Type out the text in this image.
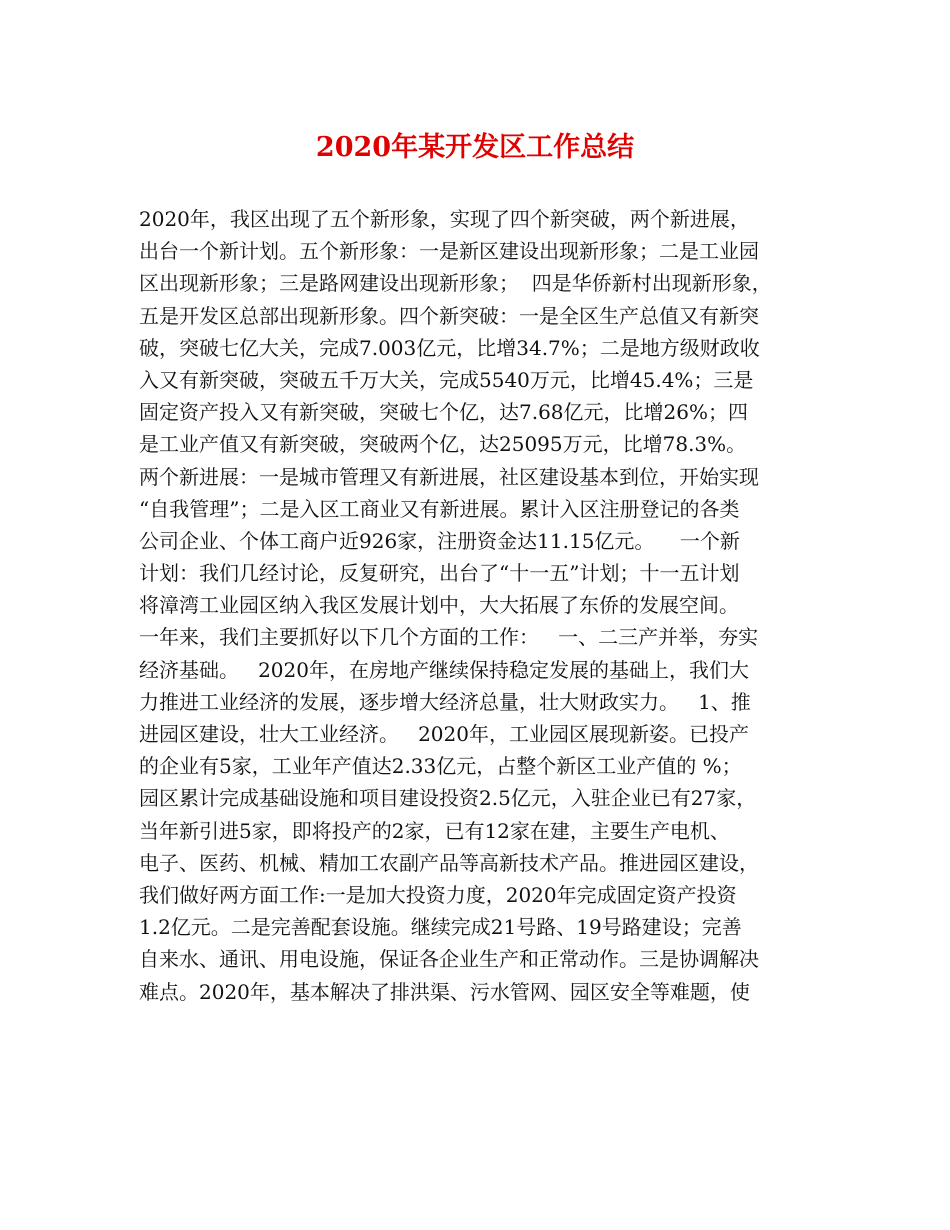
2020年某开发区工作总结
2020年，我区出现了五个新形象，实现了四个新突破，两个新进展，
出台一个新计划。五个新形象：一是新区建设出现新形象；二是工业园
区出现新形象；三是路网建设出现新形象；  四是华侨新村出现新形象，
五是开发区总部出现新形象。四个新突破：一是全区生产总值又有新突
破，突破七亿大关，完成7.003亿元，比增34.7%；二是地方级财政收
入又有新突破，突破五千万大关，完成5540万元，比增45.4%；三是
固定资产投入又有新突破，突破七个亿，达7.68亿元，比增26%；四
是工业产值又有新突破，突破两个亿，达25095万元，比增78.3%。
两个新进展：一是城市管理又有新进展，社区建设基本到位，开始实现
“自我管理”；二是入区工商业又有新进展。累计入区注册登记的各类
公司企业、个体工商户近926家，注册资金达11.15亿元。    一个新
计划：我们几经讨论，反复研究，出台了“十一五”计划；十一五计划
将漳湾工业园区纳入我区发展计划中，大大拓展了东侨的发展空间。
一年来，我们主要抓好以下几个方面的工作：   一、二三产并举，夯实
经济基础。   2020年，在房地产继续保持稳定发展的基础上，我们大
力推进工业经济的发展，逐步增大经济总量，壮大财政实力。   1、推
进园区建设，壮大工业经济。   2020年，工业园区展现新姿。已投产
的企业有5家，工业年产值达2.33亿元，占整个新区工业产值的 %；
园区累计完成基础设施和项目建设投资2.5亿元，入驻企业已有27家，
当年新引进5家，即将投产的2家，已有12家在建，主要生产电机、
电子、医药、机械、精加工农副产品等高新技术产品。推进园区建设，
我们做好两方面工作:一是加大投资力度，2020年完成固定资产投资
1.2亿元。二是完善配套设施。继续完成21号路、19号路建设；完善
自来水、通讯、用电设施，保证各企业生产和正常动作。三是协调解决
难点。2020年，基本解决了排洪渠、污水管网、园区安全等难题，使
